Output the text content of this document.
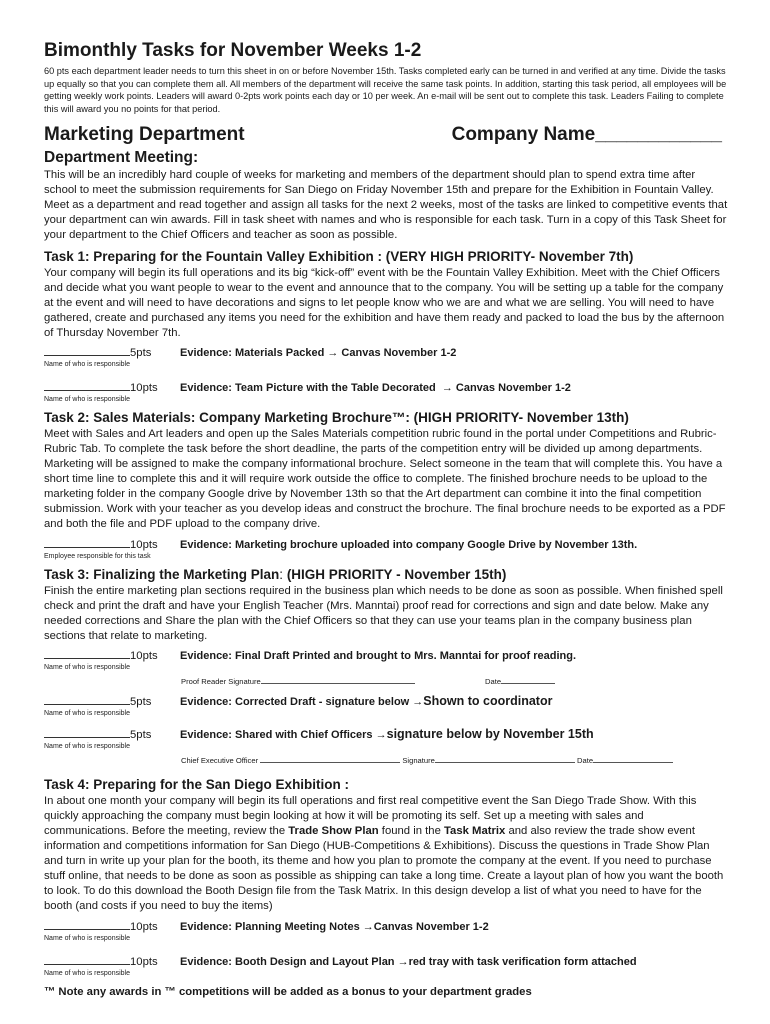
Bimonthly Tasks for November Weeks 1-2

60 pts each department leader needs to turn this sheet in on or before November 15th. Tasks completed early can be turned in and verified at any time. Divide the tasks up equally so that you can complete them all. All members of the department will receive the same task points. In addition, starting this task period, all employees will be getting weekly work points. Leaders will award 0-2pts work points each day or 10 per week. An e-mail will be sent out to complete this task. Leaders Failing to complete this will award you no points for that period.

Marketing Department	Company Name____________
Department Meeting:

This will be an incredibly hard couple of weeks for marketing and members of the department should plan to spend extra time after school to meet the submission requirements for San Diego on Friday November 15th and prepare for the Exhibition in Fountain Valley. Meet as a department and read together and assign all tasks for the next 2 weeks, most of the tasks are linked to competitive events that your department can win awards. Fill in task sheet with names and who is responsible for each task. Turn in a copy of this Task Sheet for your department to the Chief Officers and teacher as soon as possible.

Task 1: Preparing for the Fountain Valley Exhibition : (VERY HIGH PRIORITY- November 7th)

Your company will begin its full operations and its big “kick-off” event with be the Fountain Valley Exhibition. Meet with the Chief Officers and decide what you want people to wear to the event and announce that to the company. You will be setting up a table for the company at the event and will need to have decorations and signs to let people know who we are and what we are selling. You will need to have gathered, create and purchased any items you need for the exhibition and have them ready and packed to load the bus by the afternoon of Thursday November 7th.

5pts	Evidence: Materials Packed → Canvas November 1-2
Name of who is responsible
10pts	Evidence: Team Picture with the Table Decorated → Canvas November 1-2
Name of who is responsible
Task 2: Sales Materials: Company Marketing Brochure™: (HIGH PRIORITY- November 13th)

Meet with Sales and Art leaders and open up the Sales Materials competition rubric found in the portal under Competitions and Rubric-Rubric Tab. To complete the task before the short deadline, the parts of the competition entry will be divided up among departments. Marketing will be assigned to make the company informational brochure. Select someone in the team that will complete this. You have a short time line to complete this and it will require work outside the office to complete. The finished brochure needs to be upload to the marketing folder in the company Google drive by November 13th so that the Art department can combine it into the final competition submission. Work with your teacher as you develop ideas and construct the brochure. The final brochure needs to be exported as a PDF and both the file and PDF upload to the company drive.

10pts	Evidence: Marketing brochure uploaded into company Google Drive by November 13th.
Employee responsible for this task
Task 3: Finalizing the Marketing Plan: (HIGH PRIORITY - November 15th)

Finish the entire marketing plan sections required in the business plan which needs to be done as soon as possible. When finished spell check and print the draft and have your English Teacher (Mrs. Manntai) proof read for corrections and sign and date below. Make any needed corrections and Share the plan with the Chief Officers so that they can use your teams plan in the company business plan sections that relate to marketing.

10pts	Evidence: Final Draft Printed and brought to Mrs. Manntai for proof reading.
Name of who is responsible
Proof Reader Signature	Date
5pts	Evidence: Corrected Draft - signature below →Shown to coordinator
Name of who is responsible
5pts	Evidence: Shared with Chief Officers →signature below by November 15th
Name of who is responsible
Chief Executive Officer	Signature	Date
Task 4: Preparing for the San Diego Exhibition :

In about one month your company will begin its full operations and first real competitive event the San Diego Trade Show. With this quickly approaching the company must begin looking at how it will be promoting its self. Set up a meeting with sales and communications. Before the meeting, review the Trade Show Plan found in the Task Matrix and also review the trade show event information and competitions information for San Diego (HUB-Competitions & Exhibitions). Discuss the questions in Trade Show Plan and turn in write up your plan for the booth, its theme and how you plan to promote the company at the event. If you need to purchase stuff online, that needs to be done as soon as possible as shipping can take a long time. Create a layout plan of how you want the booth to look. To do this download the Booth Design file from the Task Matrix. In this design develop a list of what you need to have for the booth (and costs if you need to buy the items)

10pts	Evidence: Planning Meeting Notes →Canvas November 1-2
Name of who is responsible
10pts	Evidence: Booth Design and Layout Plan →red tray with task verification form attached
Name of who is responsible
™ Note any awards in ™ competitions will be added as a bonus to your department grades
